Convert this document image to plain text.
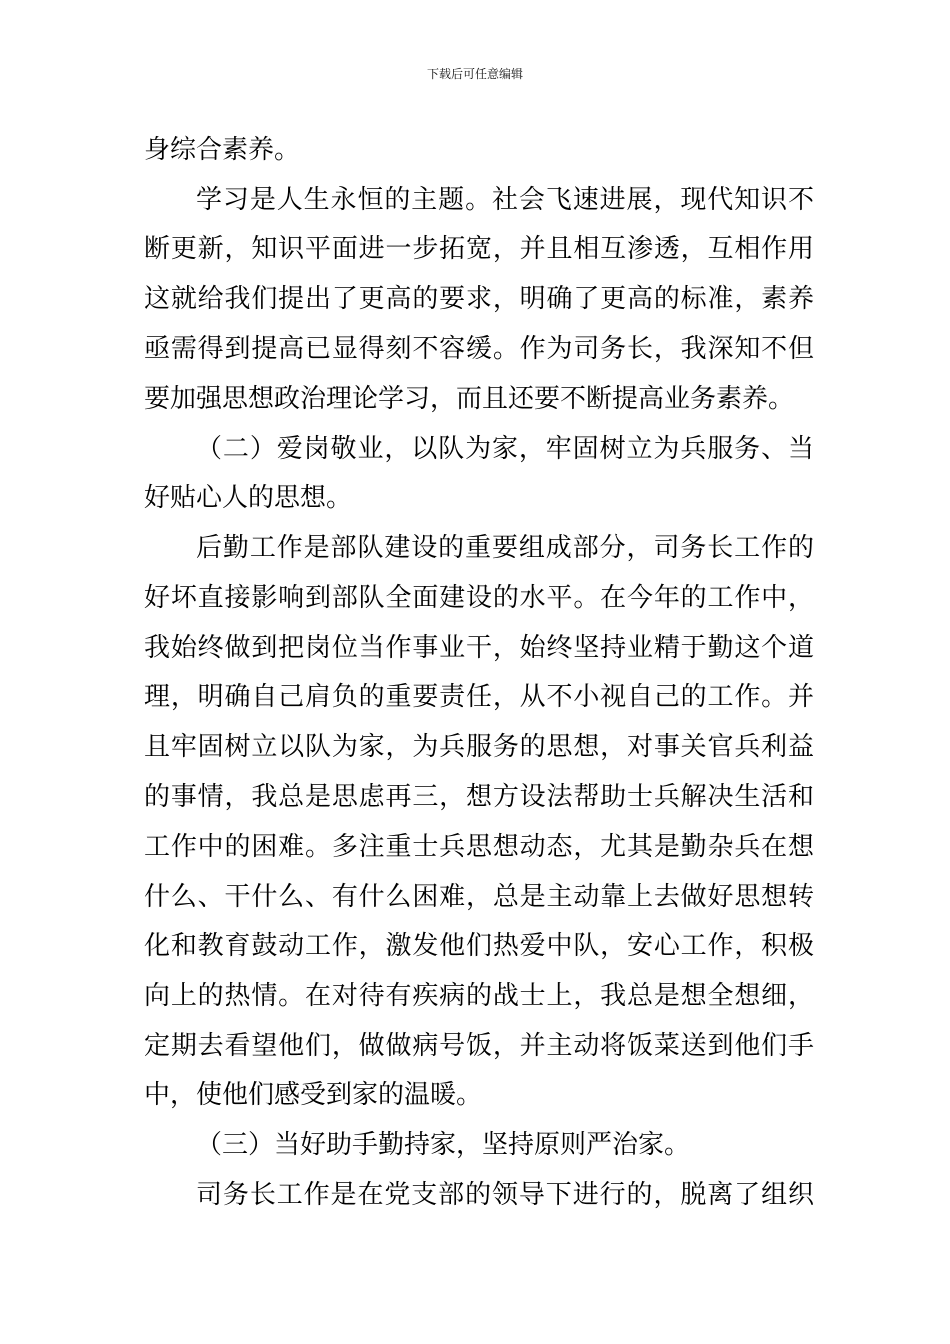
下载后可任意编辑
身综合素养。
学习是人生永恒的主题。社会飞速进展，现代知识不
断更新，知识平面进一步拓宽，并且相互渗透，互相作用
这就给我们提出了更高的要求，明确了更高的标准，素养
亟需得到提高已显得刻不容缓。作为司务长，我深知不但
要加强思想政治理论学习，而且还要不断提高业务素养。
（二）爱岗敬业，以队为家，牢固树立为兵服务、当
好贴心人的思想。
后勤工作是部队建设的重要组成部分，司务长工作的
好坏直接影响到部队全面建设的水平。在今年的工作中，
我始终做到把岗位当作事业干，始终坚持业精于勤这个道
理，明确自己肩负的重要责任，从不小视自己的工作。并
且牢固树立以队为家，为兵服务的思想，对事关官兵利益
的事情，我总是思虑再三，想方设法帮助士兵解决生活和
工作中的困难。多注重士兵思想动态，尤其是勤杂兵在想
什么、干什么、有什么困难，总是主动靠上去做好思想转
化和教育鼓动工作，激发他们热爱中队，安心工作，积极
向上的热情。在对待有疾病的战士上，我总是想全想细，
定期去看望他们，做做病号饭，并主动将饭菜送到他们手
中，使他们感受到家的温暖。
（三）当好助手勤持家，坚持原则严治家。
司务长工作是在党支部的领导下进行的，脱离了组织
